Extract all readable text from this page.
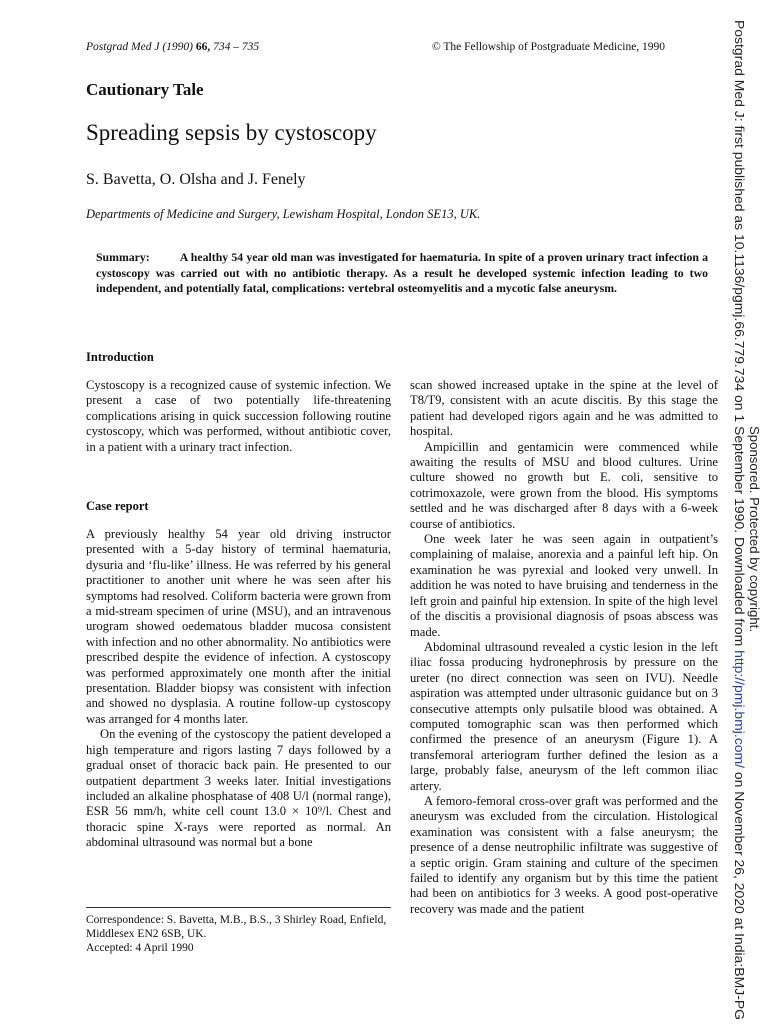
Postgrad Med J (1990) 66, 734 – 735	© The Fellowship of Postgraduate Medicine, 1990
Cautionary Tale
Spreading sepsis by cystoscopy
S. Bavetta, O. Olsha and J. Fenely
Departments of Medicine and Surgery, Lewisham Hospital, London SE13, UK.
Summary:	A healthy 54 year old man was investigated for haematuria. In spite of a proven urinary tract infection a cystoscopy was carried out with no antibiotic therapy. As a result he developed systemic infection leading to two independent, and potentially fatal, complications: vertebral osteomyelitis and a mycotic false aneurysm.
Introduction

Cystoscopy is a recognized cause of systemic infection. We present a case of two potentially life-threatening complications arising in quick succession following routine cystoscopy, which was performed, without antibiotic cover, in a patient with a urinary tract infection.

Case report

A previously healthy 54 year old driving instructor presented with a 5-day history of terminal haematuria, dysuria and ‘flu-like’ illness. He was referred by his general practitioner to another unit where he was seen after his symptoms had resolved. Coliform bacteria were grown from a mid-stream specimen of urine (MSU), and an intravenous urogram showed oedematous bladder mucosa consistent with infection and no other abnormality. No antibiotics were prescribed despite the evidence of infection. A cystoscopy was performed approximately one month after the initial presentation. Bladder biopsy was consistent with infection and showed no dysplasia. A routine follow-up cystoscopy was arranged for 4 months later.

On the evening of the cystoscopy the patient developed a high temperature and rigors lasting 7 days followed by a gradual onset of thoracic back pain. He presented to our outpatient department 3 weeks later. Initial investigations included an alkaline phosphatase of 408 U/l (normal range), ESR 56 mm/h, white cell count 13.0 × 10⁹/l. Chest and thoracic spine X-rays were reported as normal. An abdominal ultrasound was normal but a bone

scan showed increased uptake in the spine at the level of T8/T9, consistent with an acute discitis. By this stage the patient had developed rigors again and he was admitted to hospital.

Ampicillin and gentamicin were commenced while awaiting the results of MSU and blood cultures. Urine culture showed no growth but E. coli, sensitive to cotrimoxazole, were grown from the blood. His symptoms settled and he was discharged after 8 days with a 6-week course of antibiotics.

One week later he was seen again in outpatient’s complaining of malaise, anorexia and a painful left hip. On examination he was pyrexial and looked very unwell. In addition he was noted to have bruising and tenderness in the left groin and painful hip extension. In spite of the high level of the discitis a provisional diagnosis of psoas abscess was made.

Abdominal ultrasound revealed a cystic lesion in the left iliac fossa producing hydronephrosis by pressure on the ureter (no direct connection was seen on IVU). Needle aspiration was attempted under ultrasonic guidance but on 3 consecutive attempts only pulsatile blood was obtained. A computed tomographic scan was then performed which confirmed the presence of an aneurysm (Figure 1). A transfemoral arteriogram further defined the lesion as a large, probably false, aneurysm of the left common iliac artery.

A femoro-femoral cross-over graft was performed and the aneurysm was excluded from the circulation. Histological examination was consistent with a false aneurysm; the presence of a dense neutrophilic infiltrate was suggestive of a septic origin. Gram staining and culture of the specimen failed to identify any organism but by this time the patient had been on antibiotics for 3 weeks. A good post-operative recovery was made and the patient

Correspondence: S. Bavetta, M.B., B.S., 3 Shirley Road, Enfield, Middlesex EN2 6SB, UK.
Accepted: 4 April 1990
Postgrad Med J: first published as 10.1136/pgmj.66.779.734 on 1 September 1990. Downloaded from http://pmj.bmj.com/ on November 26, 2020 at India:BMJ-PG
Sponsored. Protected by copyright.
